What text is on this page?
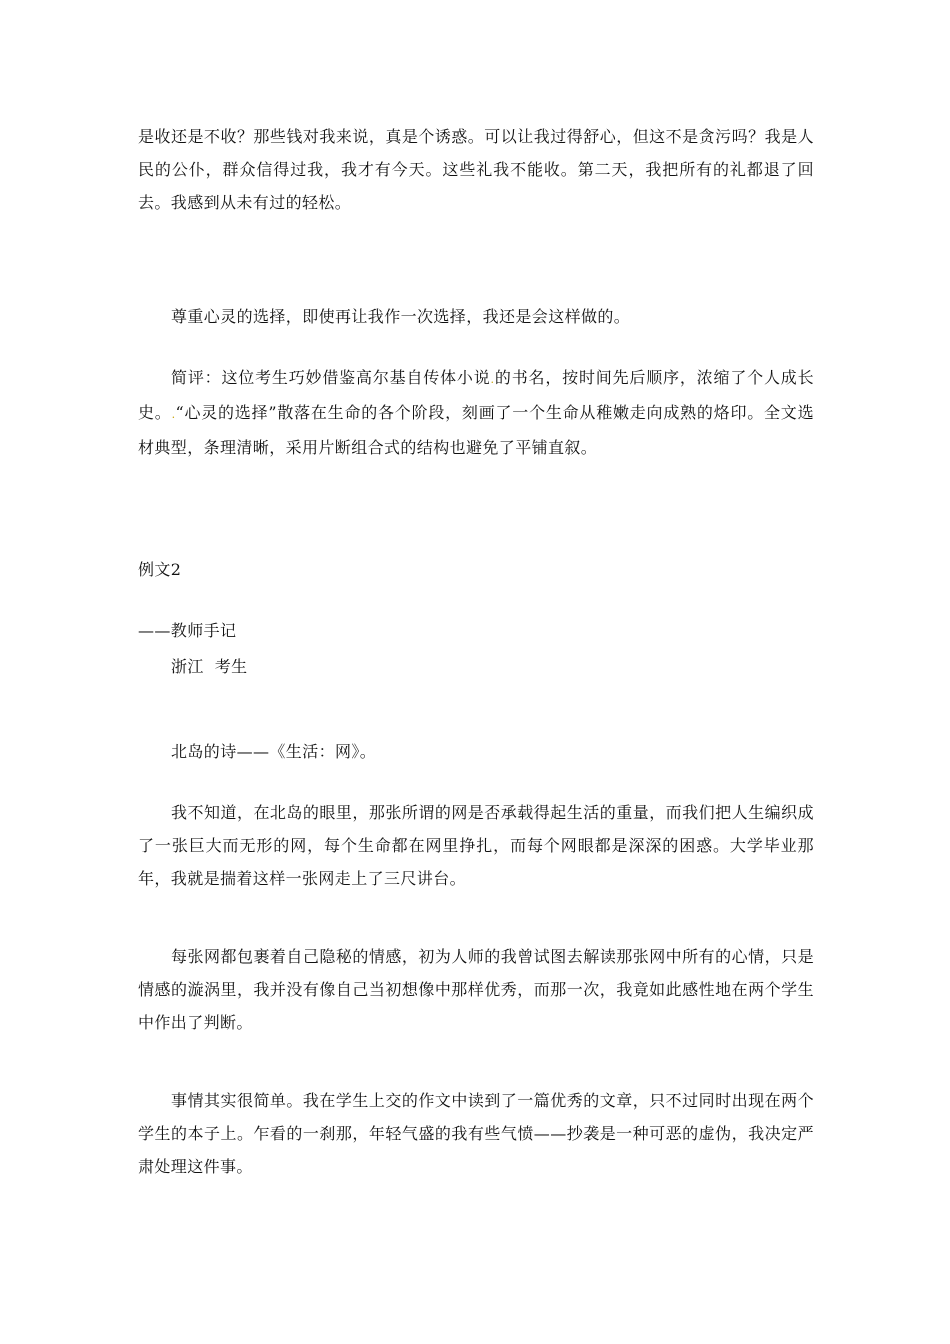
是收还是不收？那些钱对我来说，真是个诱惑。可以让我过得舒心，但这不是贪污吗？我是人民的公仆，群众信得过我，我才有今天。这些礼我不能收。第二天，我把所有的礼都退了回去。我感到从未有过的轻松。

尊重心灵的选择，即使再让我作一次选择，我还是会这样做的。

简评：这位考生巧妙借鉴高尔基自传体小说.的书名，按时间先后顺序，浓缩了个人成长史。.“心灵的选择”散落在生命的各个阶段，刻画了一个生命从稚嫩走向成熟的烙印。全文选材典型，条理清晰，采用片断组合式的结构也避免了平铺直叙。

例文2

——教师手记

浙江  考生

北岛的诗——《生活：网》。

我不知道，在北岛的眼里，那张所谓的网是否承载得起生活的重量，而我们把人生编织成了一张巨大而无形的网，每个生命都在网里挣扎，而每个网眼都是深深的困惑。大学毕业那年，我就是揣着这样一张网走上了三尺讲台。

每张网都包裹着自己隐秘的情感，初为人师的我曾试图去解读那张网中所有的心情，只是情感的漩涡里，我并没有像自己当初想像中那样优秀，而那一次，我竟如此感性地在两个学生中作出了判断。

事情其实很简单。我在学生上交的作文中读到了一篇优秀的文章，只不过同时出现在两个学生的本子上。乍看的一刹那，年轻气盛的我有些气愤——抄袭是一种可恶的虚伪，我决定严肃处理这件事。
